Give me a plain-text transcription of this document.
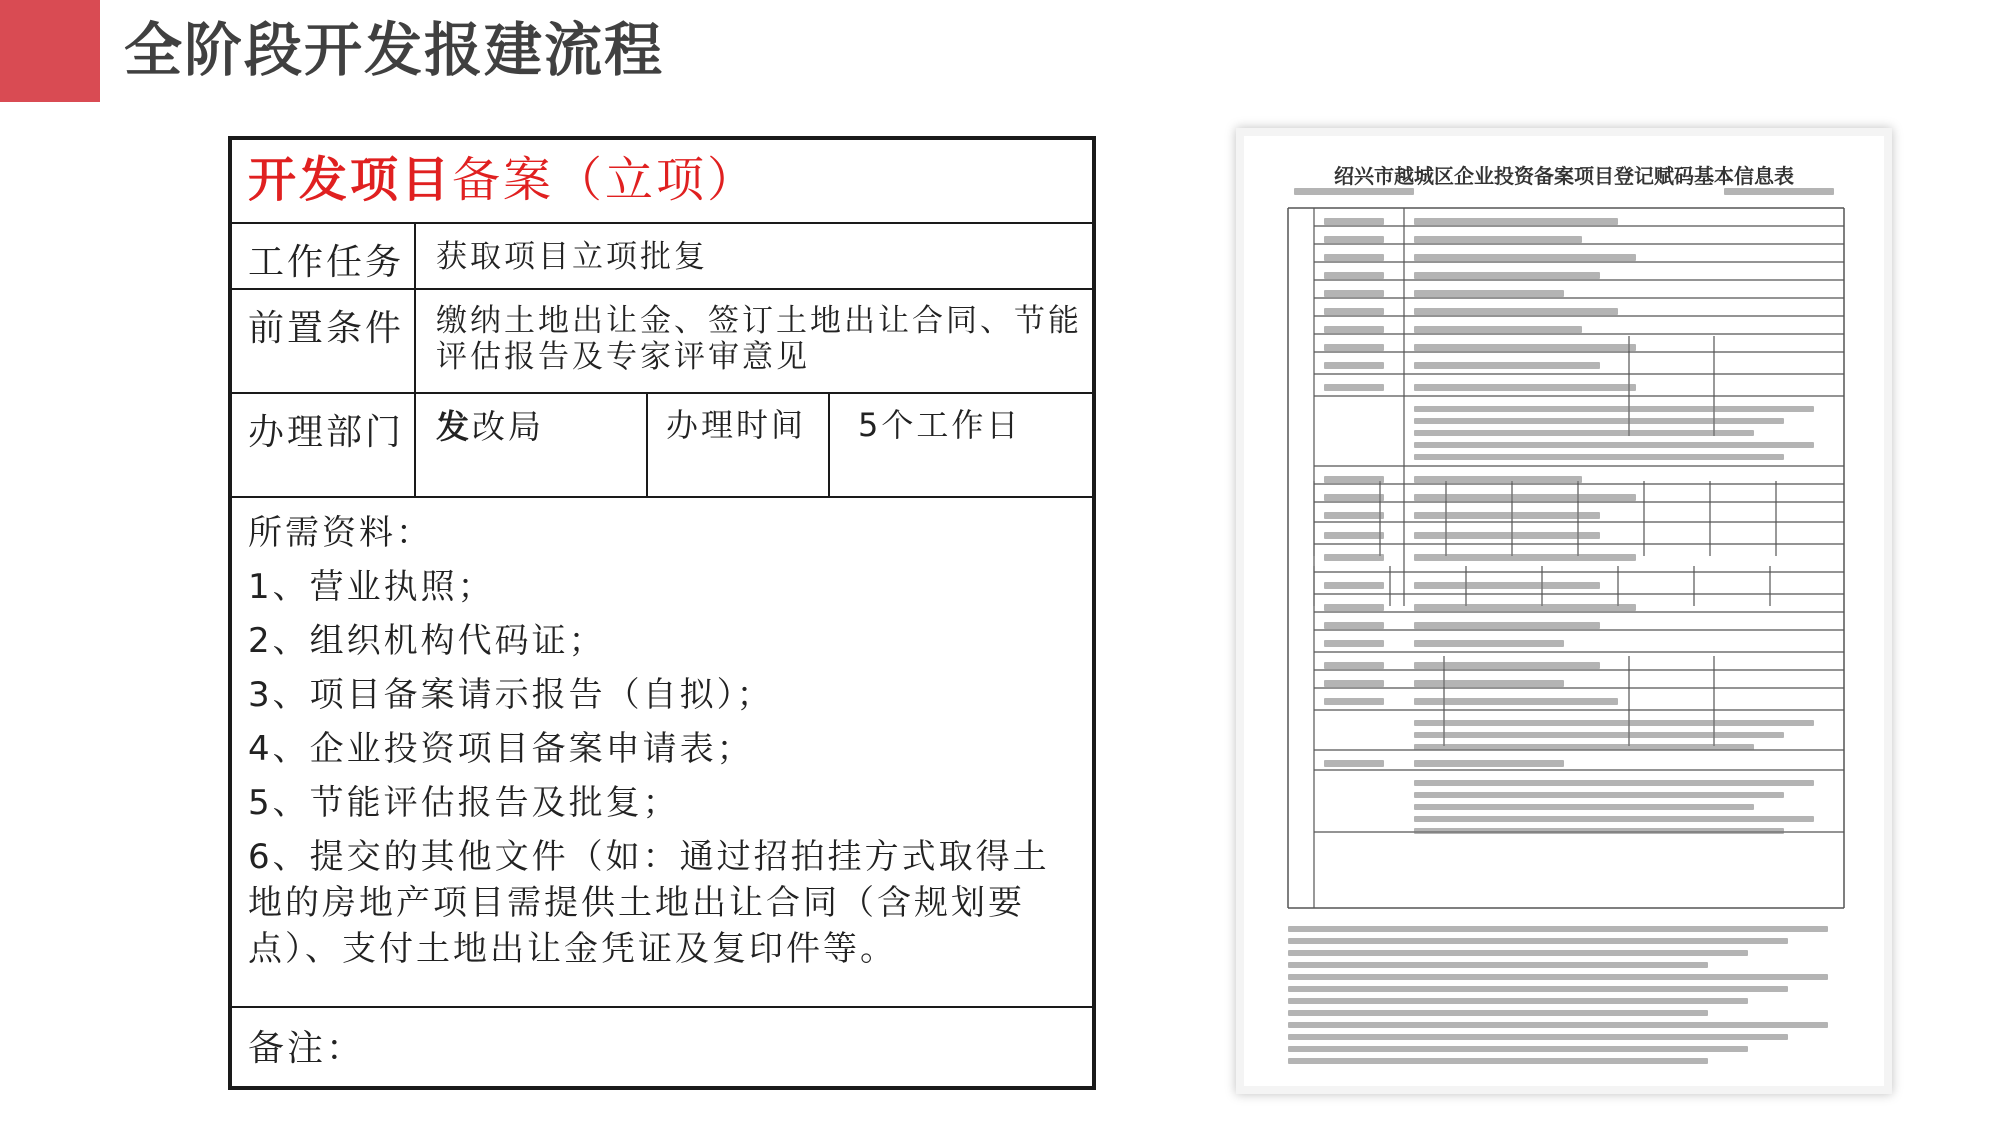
全阶段开发报建流程
开发项目备案（立项）
工作任务 获取项目立项批复
前置条件 缴纳土地出让金、签订土地出让合同、节能
评估报告及专家评审意见
办理部门 发改局	办理时间 5个工作日
所需资料：
1、营业执照；
2、组织机构代码证；
3、项目备案请示报告（自拟）；
4、企业投资项目备案申请表；
5、节能评估报告及批复；
6、提交的其他文件（如：通过招拍挂方式取得土
地的房地产项目需提供土地出让合同（含规划要
点）、支付土地出让金凭证及复印件等。
备注：
绍兴市越城区企业投资备案项目登记赋码基本信息表
